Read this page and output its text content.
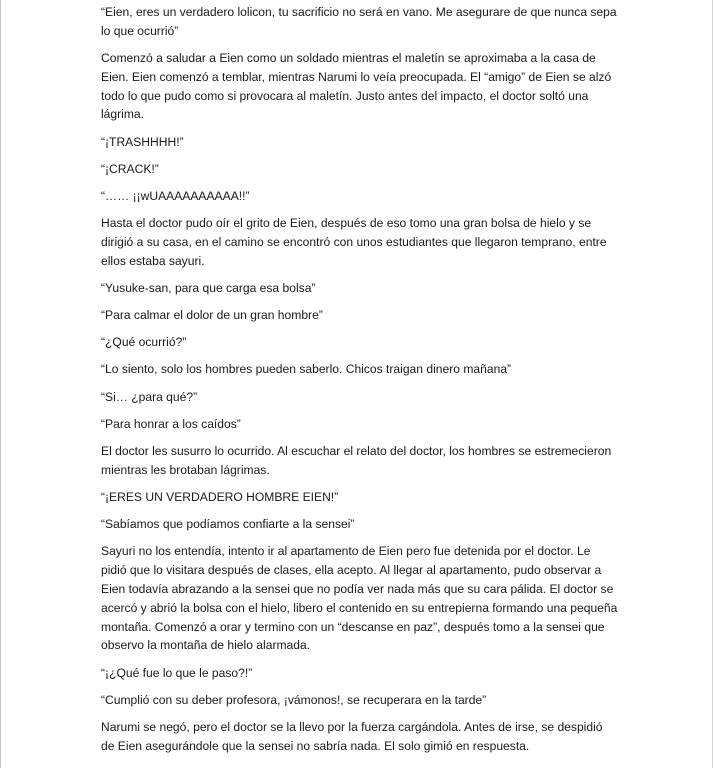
“Eien, eres un verdadero lolicon, tu sacrificio no será en vano. Me asegurare de que nunca sepa lo que ocurrió”

Comenzó a saludar a Eien como un soldado mientras el maletín se aproximaba a la casa de Eien. Eien comenzó a temblar, mientras Narumi lo veía preocupada. El “amigo” de Eien se alzó todo lo que pudo como si provocara al maletín. Justo antes del impacto, el doctor soltó una lágrima.

“¡TRASHHHH!”

“¡CRACK!”

“…… ¡¡wUAAAAAAAAAA!!”

Hasta el doctor pudo oír el grito de Eien, después de eso tomo una gran bolsa de hielo y se dirigió a su casa, en el camino se encontró con unos estudiantes que llegaron temprano, entre ellos estaba sayuri.

“Yusuke-san, para que carga esa bolsa”

“Para calmar el dolor de un gran hombre”

“¿Qué ocurrió?”

“Lo siento, solo los hombres pueden saberlo. Chicos traigan dinero mañana”

“Si… ¿para qué?”

“Para honrar a los caídos”

El doctor les susurro lo ocurrido. Al escuchar el relato del doctor, los hombres se estremecieron mientras les brotaban lágrimas.

“¡ERES UN VERDADERO HOMBRE EIEN!”

“Sabíamos que podíamos confiarte a la sensei”

Sayuri no los entendía, intento ir al apartamento de Eien pero fue detenida por el doctor. Le pidió que lo visitara después de clases, ella acepto. Al llegar al apartamento, pudo observar a Eien todavía abrazando a la sensei que no podía ver nada más que su cara pálida. El doctor se acercó y abrió la bolsa con el hielo, libero el contenido en su entrepierna formando una pequeña montaña. Comenzó a orar y termino con un “descanse en paz”, después tomo a la sensei que observo la montaña de hielo alarmada.

“¡¿Qué fue lo que le paso?!”

“Cumplió con su deber profesora, ¡vámonos!, se recuperara en la tarde”

Narumi se negó, pero el doctor se la llevo por la fuerza cargándola. Antes de irse, se despidió de Eien asegurándole que la sensei no sabría nada. El solo gimió en respuesta.
